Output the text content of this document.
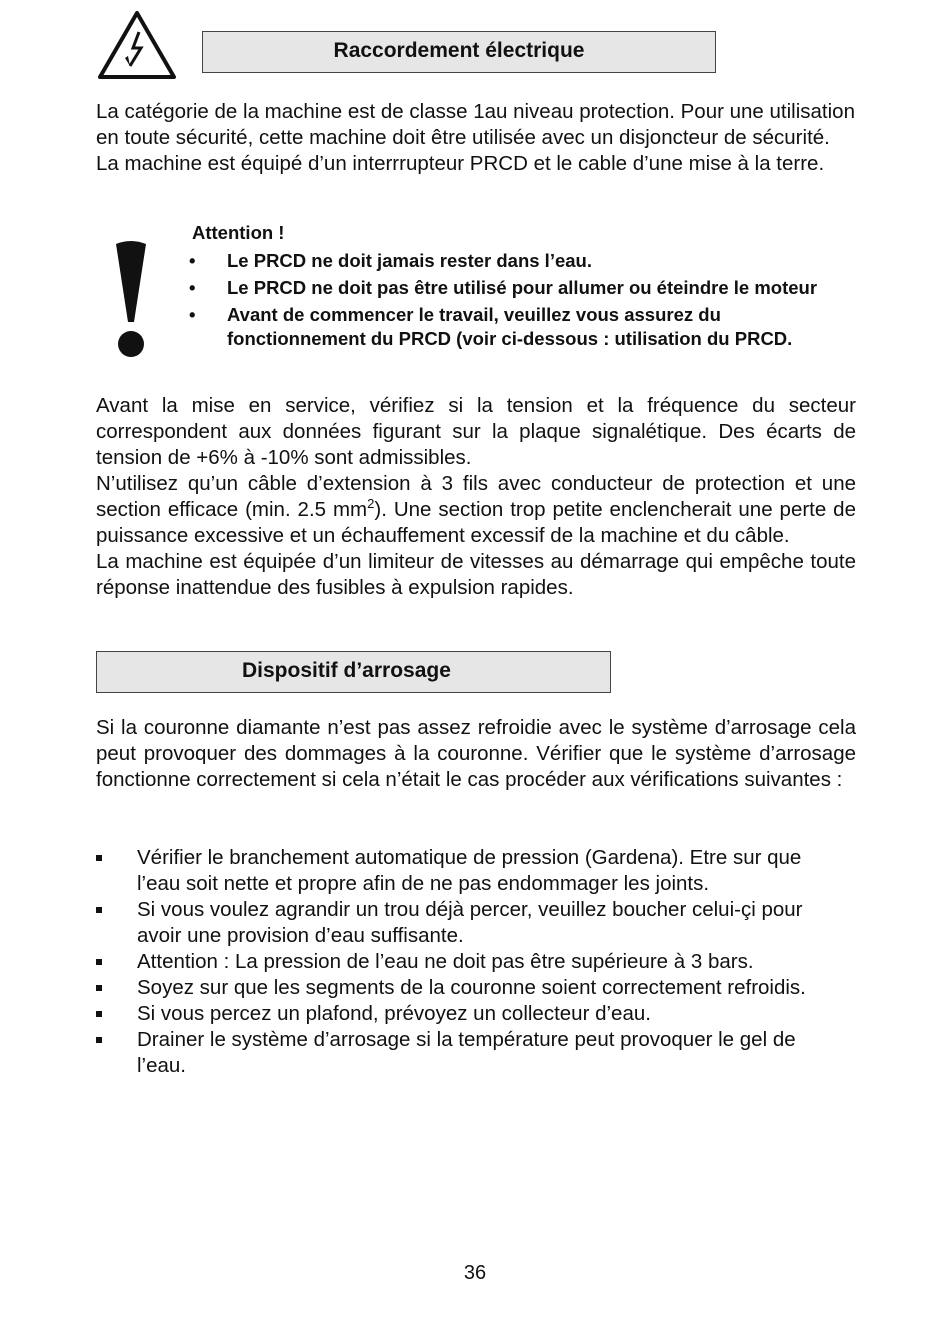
Raccordement électrique

La catégorie de la machine est de classe 1au niveau protection. Pour une utilisation en toute sécurité, cette machine doit être utilisée avec un disjoncteur de sécurité. La machine est équipé d’un interrrupteur PRCD et le cable d’une mise à la terre.

Attention !
• Le PRCD ne doit jamais rester dans l’eau.
• Le PRCD ne doit pas être utilisé pour allumer ou éteindre le moteur
• Avant de commencer le travail, veuillez vous assurez du fonctionnement du PRCD (voir ci-dessous : utilisation du PRCD.

Avant la mise en service, vérifiez si la tension et la fréquence du secteur correspondent aux données figurant sur la plaque signalétique. Des écarts de tension de +6% à -10% sont admissibles.

N’utilisez qu’un câble d’extension à 3 fils avec conducteur de protection et une section efficace (min. 2.5 $mm^2$). Une section trop petite enclencherait une perte de puissance excessive et un échauffement excessif de la machine et du câble.

La machine est équipée d’un limiteur de vitesses au démarrage qui empêche toute réponse inattendue des fusibles à expulsion rapides.

Dispositif d’arrosage

Si la couronne diamante n’est pas assez refroidie avec le système d’arrosage cela peut provoquer des dommages à la couronne. Vérifier que le système d’arrosage fonctionne correctement si cela n’était le cas procéder aux vérifications suivantes :

Vérifier le branchement automatique de pression (Gardena). Etre sur que l’eau soit nette et propre afin de ne pas endommager les joints.
Si vous voulez agrandir un trou déjà percer, veuillez boucher celui-çi pour avoir une provision d’eau suffisante.
Attention : La pression de l’eau ne doit pas être supérieure à 3 bars.
Soyez sur que les segments de la couronne soient correctement refroidis.
Si vous percez un plafond, prévoyez un collecteur d’eau.
Drainer le système d’arrosage si la température peut provoquer le gel de l’eau.
36
